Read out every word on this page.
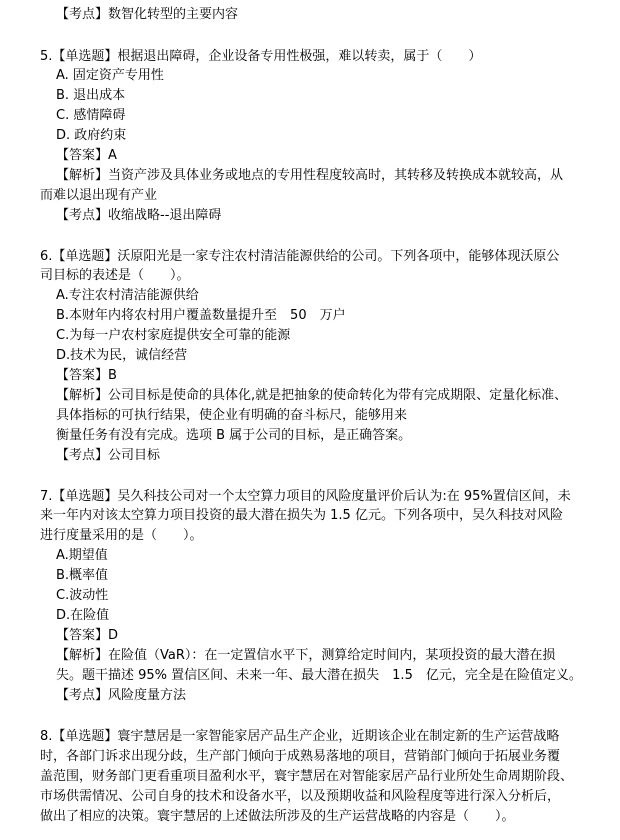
【考点】数智化转型的主要内容
5.【单选题】根据退出障碍，企业设备专用性极强，难以转卖，属于（　　）
A. 固定资产专用性
B. 退出成本
C. 感情障碍
D. 政府约束
【答案】A
【解析】当资产涉及具体业务或地点的专用性程度较高时，其转移及转换成本就较高，从
而难以退出现有产业
【考点】收缩战略--退出障碍
6.【单选题】沃原阳光是一家专注农村清洁能源供给的公司。下列各项中，能够体现沃原公
司目标的表述是（　　）。
A.专注农村清洁能源供给
B.本财年内将农村用户覆盖数量提升至　50　万户
C.为每一户农村家庭提供安全可靠的能源
D.技术为民，诚信经营
【答案】B
【解析】公司目标是使命的具体化,就是把抽象的使命转化为带有完成期限、定量化标准、
具体指标的可执行结果，使企业有明确的奋斗标尺，能够用来
衡量任务有没有完成。选项 B 属于公司的目标，是正确答案。
【考点】公司目标
7.【单选题】吴久科技公司对一个太空算力项目的风险度量评价后认为:在 95%置信区间，未
来一年内对该太空算力项目投资的最大潜在损失为 1.5 亿元。下列各项中，吴久科技对风险
进行度量采用的是（　　）。
A.期望值
B.概率值
C.波动性
D.在险值
【答案】D
【解析】在险值（VaR）：在一定置信水平下，测算给定时间内，某项投资的最大潜在损
失。题干描述 95% 置信区间、未来一年、最大潜在损失　1.5　亿元，完全是在险值定义。
【考点】风险度量方法
8.【单选题】寰宇慧居是一家智能家居产品生产企业，近期该企业在制定新的生产运营战略
时，各部门诉求出现分歧，生产部门倾向于成熟易落地的项目，营销部门倾向于拓展业务覆
盖范围，财务部门更看重项目盈利水平，寰宇慧居在对智能家居产品行业所处生命周期阶段、
市场供需情况、公司自身的技术和设备水平，以及预期收益和风险程度等进行深入分析后，
做出了相应的决策。寰宇慧居的上述做法所涉及的生产运营战略的内容是（　　）。
